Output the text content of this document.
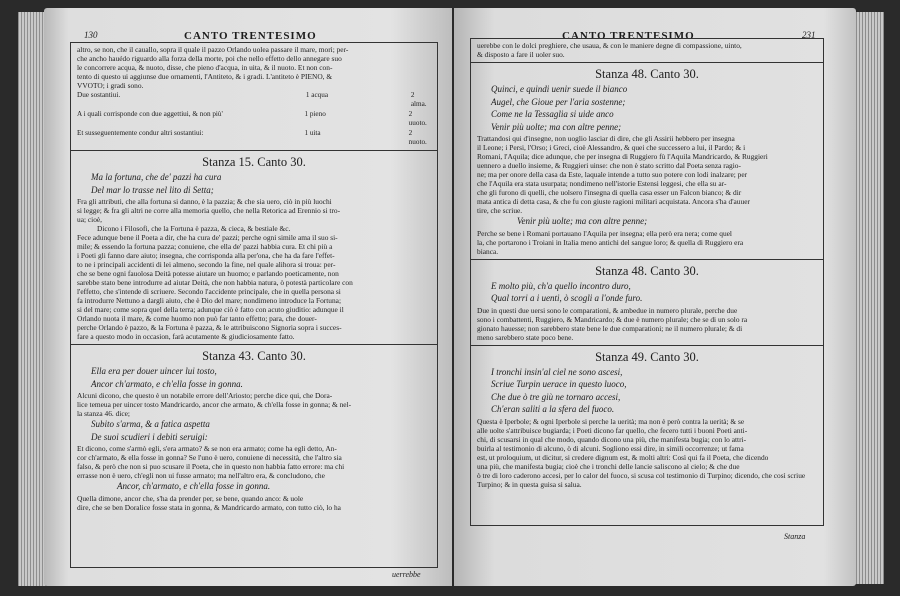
130	CANTO TRENTESIMO

altro, se non, che il cauallo, sopra il quale il pazzo Orlando uolea passare il mare, morì; per-

che ancho hauédo riguardo alla forza della morte, poi che nello effetto dello annegare suo

le concorrere acqua, & nuoto, disse, che pieno d'acqua, in uita, & il nuoto. Et non con-

tento di questo ui aggiunse due ornamenti, l'Antiteto, & i gradi. L'antiteto è PIENO, &

VVOTO; i gradi sono.

Due sostantiui.	1 acqua	2 alma.
A i quali corrisponde con due aggettiui, & non più'	1 pieno	2 uuoto.
Et susseguentemente condur altri sostantiui:	1 uita	2 nuoto.
Stanza 15. Canto 30.
Ma la fortuna, che de' pazzi ha cura
Del mar lo trasse nel lito di Setta;

Fra gli attributi, che alla fortuna si danno, è la pazzia; & che sia uero, ciò in più luochi

si legge; & fra gli altri ne corre alla memoria quello, che nella Retorica ad Erennio si tro-

ua; cioè,

Dicono i Filosofi, che la Fortuna è pazza, & cieca, & bestiale &c.

Fece adunque bene il Poeta a dir, che ha cura de' pazzi; perche ogni simile ama il suo si-

mile; & essendo la fortuna pazza; conuiene, che ella de' pazzi habbia cura. Et chi più a

i Poeti gli fanno dare aiuto; insegna, che corrisponda alla per'ona, che ha da fare l'effet-

to ne i principali accidenti di lei almeno, secondo la fine, nel quale alihora si troua: per-

che se bene ogni fauolosa Deità potesse aiutare un huomo; e parlando poeticamente, non

sarebbe stato bene introdurre ad aiutar Deità, che non habbia natura, ò potestà particolare con

l'effetto, che s'intende di scriuere. Secondo l'accidente principale, che in quella persona si

fa introdurre Nettuno a dargli aiuto, che è Dio del mare; nondimeno introduce la Fortuna;

si del mare; come sopra quel della terra; adunque ciò è fatto con acuto giuditio: adunque il

Orlando nuota il mare, & come huomo non può far tanto effetto; para, che douer-

perche Orlando è pazzo, & la Fortuna è pazza, & le attribuiscono Signoria sopra i succes-

fare a questo modo in occasion, farà acutamente & giudiciosamente fatto.

Stanza 43. Canto 30.
Ella era per douer uincer lui tosto,
Ancor ch'armato, e ch'ella fosse in gonna.

Alcuni dicono, che questo è un notabile errore dell'Ariosto; perche dice qui, che Dora-

lice temeua per uincer tosto Mandricardo, ancor che armato, & ch'ella fosse in gonna; & nel-

la stanza 46. dice;

Subito s'arma, & a fatica aspetta
De suoi scudieri i debiti seruigi:

Et dicono, come s'armò egli, s'era armato? & se non era armato; come ha egli detto, An-

cor ch'armato, & ella fosse in gonna? Se l'uno è uero, conuiene di necessità, che l'altro sia

falso, & però che non si puo scusare il Poeta, che in questo non habbia fatto errore: ma chi

errasse non è uero, ch'egli non ui fusse armato; ma nell'altro era, & concludono, che

Ancor, ch'armato, e ch'ella fosse in gonna.

Quella dimone, ancor che, s'ha da prender per, se bene, quando anco: & uole

dire, che se ben Doralice fosse stata in gonna, & Mandricardo armato, con tutto ciò, lo ha

uerrebbe
CANTO TRENTESIMO	231

uerebbe con le dolci preghiere, che usaua, & con le maniere degne di compassione, uinto,

& disposto a fare il uoler suo.

Stanza 48. Canto 30.
Quinci, e quindi uenir suede il bianco
Augel, che Gioue per l'aria sostenne;
Come ne la Tessaglia si uide anco
Venir più uolte; ma con altre penne;

Trattandosi qui d'insegne, non uoglio lasciar di dire, che gli Assirii hebbero per insegna

il Leone; i Persi, l'Orso; i Greci, cioè Alessandro, & quei che successero a lui, il Pardo; & i

Romani, l'Aquila; dice adunque, che per insegna di Ruggiero fù l'Aquila Mandricardo, & Ruggieri

uennero a duello insieme, & Ruggieri uinse: che non è stato scritto dal Poeta senza ragio-

ne; ma per onore della casa da Este, laquale intende a tutto suo potere con lodi inalzare; per

che l'Aquila era stata usurpata; nondimeno nell'istorie Estensi leggesi, che ella su ar-

che gli furono di quelli, che uolsero l'insegna di quella casa esser un Falcon bianco; & dir

mata antica di detta casa, & che fu con giuste ragioni militari acquistata. Ancora s'ha d'auuer

tire, che scriue.

Venir più uolte; ma con altre penne;

Perche se bene i Romani portauano l'Aquila per insegna; ella però era nera; come quel

la, che portarono i Troiani in Italia meno antichi del sangue loro; & quella di Ruggiero era

bianca.

Stanza 48. Canto 30.
E molto più, ch'a quello incontro duro,
Qual torri a i uenti, ò scogli a l'onde furo.

Due in questi due uersi sono le comparationi, & ambedue in numero plurale, perche due

sono i combattenti, Ruggiero, & Mandricardo; & due è numero plurale; che se di un solo ra

gionato hauesse; non sarebbero state bene le due comparationi; ne il numero plurale; & di

meno sarebbero state poco bene.

Stanza 49. Canto 30.
I tronchi insin'al ciel ne sono ascesi,
Scriue Turpin uerace in questo luoco,
Che due ò tre giù ne tornaro accesi,
Ch'eran saliti a la sfera del fuoco.

Questa è Iperbole; & ogni Iperbole si perche la uerità; ma non è però contra la uerità; & se

alle uolte s'attribuisce bugiarda; i Poeti dicono far quello, che fecero tutti i buoni Poeti anti-

chi, di scusarsi in qual che modo, quando dicono una più, che manifesta bugia; con lo attri-

buirla al testimonio di alcuno, ò di alcuni. Sogliono essi dire, in simili occorrenze; ut fama

est, ut proloquium, ut dicitur, si credere dignum est, & molti altri: Così qui fa il Poeta, che dicendo

una più, che manifesta bugia; cioè che i tronchi delle lancie saliscono al cielo; & che due

ò tre di loro caderono accesi, per lo calor del fuoco, si scusa col testimonio di Turpino; dicendo, che così scriue

Turpino; & in questa guisa si salua.

Stanza
